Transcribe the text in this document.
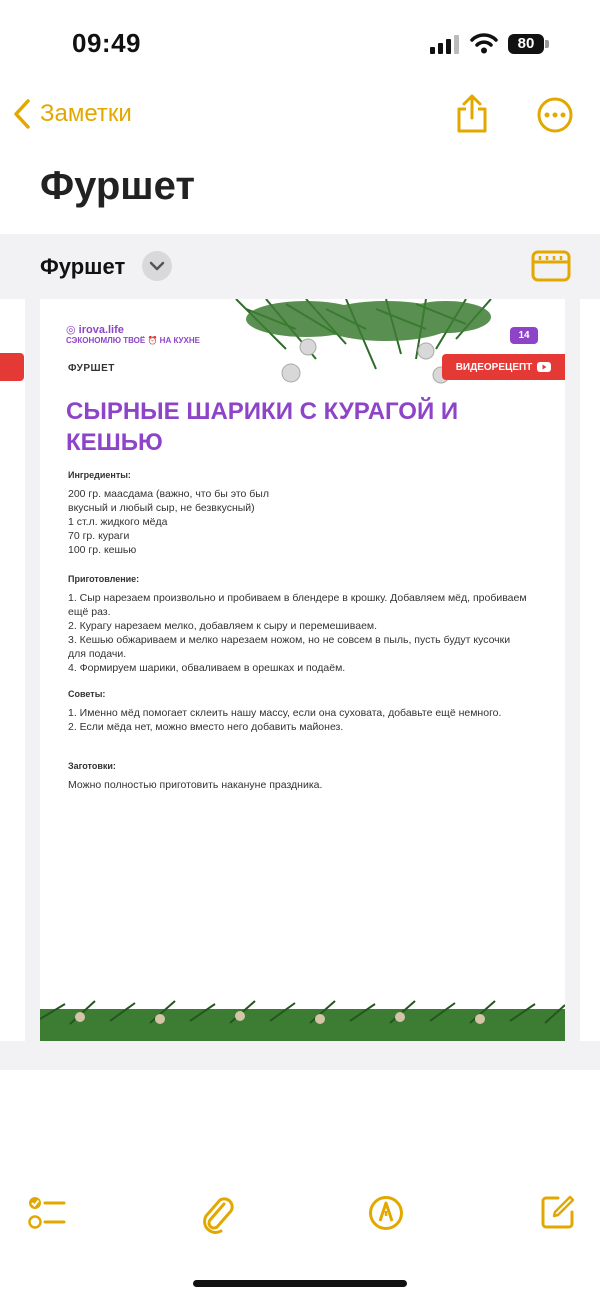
09:49	80
Заметки
Фуршет
Фуршет
◎ irova.life
СЭКОНОМЛЮ ТВОЁ ⏰ НА КУХНЕ	14
ВИДЕОРЕЦЕПТ
ФУРШЕТ
СЫРНЫЕ ШАРИКИ С КУРАГОЙ И КЕШЬЮ
Ингредиенты:
200 гр. маасдама (важно, что бы это был
вкусный и любый сыр, не безвкусный)
1 ст.л. жидкого мёда
70 гр. кураги
100 гр. кешью
Приготовление:
1. Сыр нарезаем произвольно и пробиваем в блендере в крошку. Добавляем мёд, пробиваем ещё раз.
2. Курагу нарезаем мелко, добавляем к сыру и перемешиваем.
3. Кешью обжариваем и мелко нарезаем ножом, но не совсем в пыль, пусть будут кусочки для подачи.
4. Формируем шарики, обваливаем в орешках и подаём.
Советы:
1. Именно мёд помогает склеить нашу массу, если она суховата, добавьте ещё немного.
2. Если мёда нет, можно вместо него добавить майонез.
Заготовки:
Можно полностью приготовить накануне праздника.
